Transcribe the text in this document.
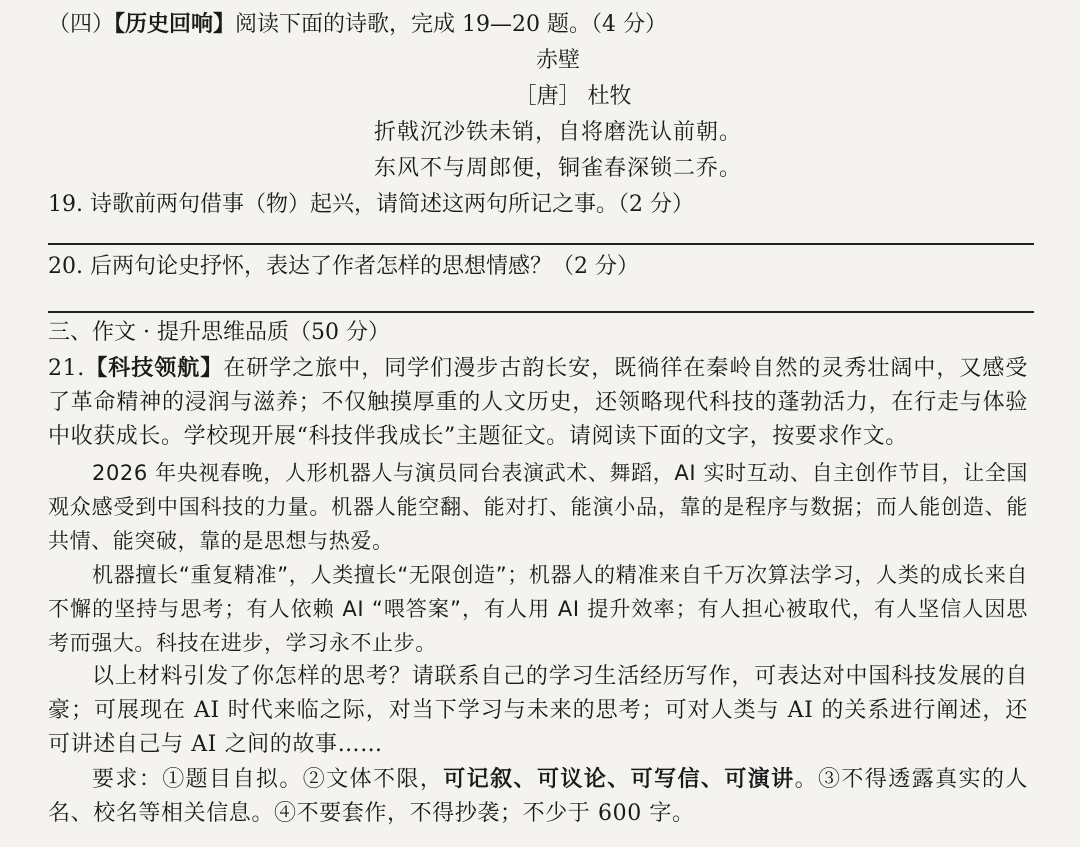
（四）【历史回响】阅读下面的诗歌，完成 19—20 题。（4 分）
赤壁
［唐］ 杜牧
折戟沉沙铁未销，自将磨洗认前朝。
东风不与周郎便，铜雀春深锁二乔。
19. 诗歌前两句借事（物）起兴，请简述这两句所记之事。（2 分）
20. 后两句论史抒怀，表达了作者怎样的思想情感？（2 分）
三、作文 · 提升思维品质（50 分）
21.【科技领航】在研学之旅中，同学们漫步古韵长安，既徜徉在秦岭自然的灵秀壮阔中，又感受了革命精神的浸润与滋养；不仅触摸厚重的人文历史，还领略现代科技的蓬勃活力，在行走与体验中收获成长。学校现开展“科技伴我成长”主题征文。请阅读下面的文字，按要求作文。
2026 年央视春晚，人形机器人与演员同台表演武术、舞蹈，AI 实时互动、自主创作节目，让全国观众感受到中国科技的力量。机器人能空翻、能对打、能演小品，靠的是程序与数据；而人能创造、能共情、能突破，靠的是思想与热爱。
机器擅长“重复精准”，人类擅长“无限创造”；机器人的精准来自千万次算法学习，人类的成长来自不懈的坚持与思考；有人依赖 AI “喂答案”，有人用 AI 提升效率；有人担心被取代，有人坚信人因思考而强大。科技在进步，学习永不止步。
以上材料引发了你怎样的思考？请联系自己的学习生活经历写作，可表达对中国科技发展的自豪；可展现在 AI 时代来临之际，对当下学习与未来的思考；可对人类与 AI 的关系进行阐述，还可讲述自己与 AI 之间的故事……
要求：①题目自拟。②文体不限，可记叙、可议论、可写信、可演讲。③不得透露真实的人名、校名等相关信息。④不要套作，不得抄袭；不少于 600 字。
